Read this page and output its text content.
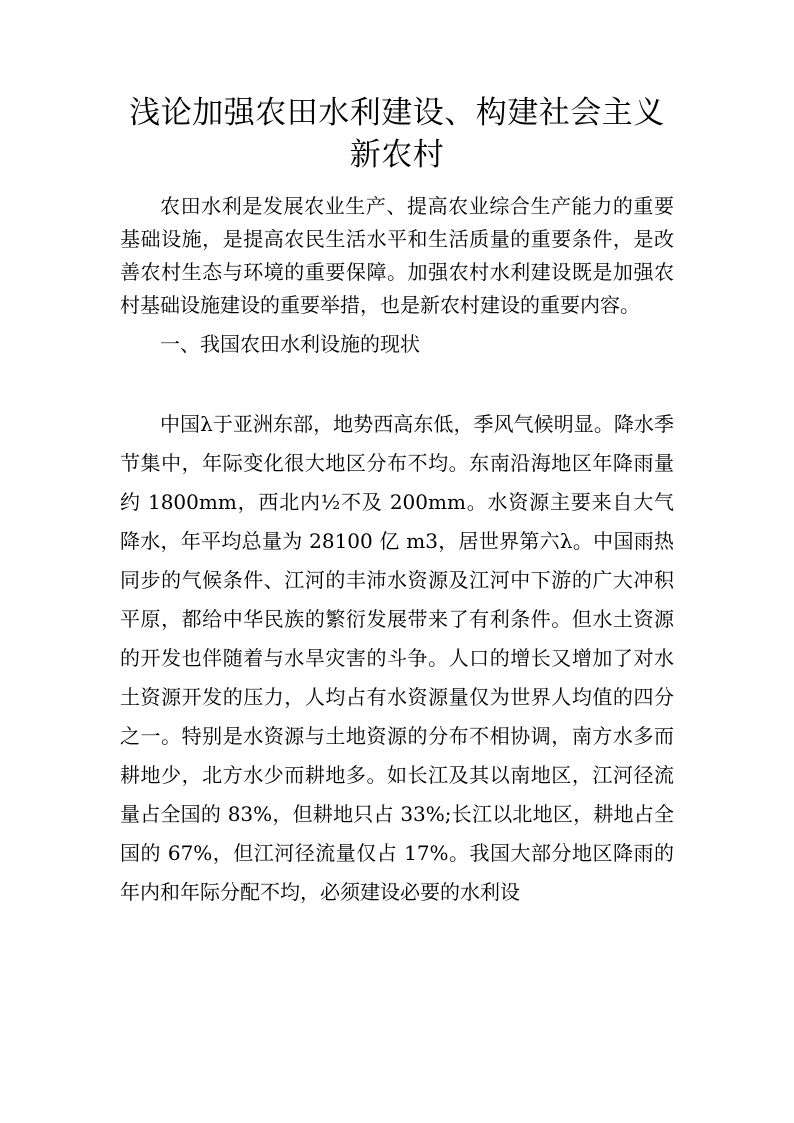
浅论加强农田水利建设、构建社会主义新农村

农田水利是发展农业生产、提高农业综合生产能力的重要基础设施，是提高农民生活水平和生活质量的重要条件，是改善农村生态与环境的重要保障。加强农村水利建设既是加强农村基础设施建设的重要举措，也是新农村建设的重要内容。

一、我国农田水利设施的现状

中国λ于亚洲东部，地势西高东低，季风气候明显。降水季节集中，年际变化很大地区分布不均。东南沿海地区年降雨量约 1800mm，西北内½不及 200mm。水资源主要来自大气降水，年平均总量为 28100 亿 m3，居世界第六λ。中国雨热同步的气候条件、江河的丰沛水资源及江河中下游的广大冲积平原，都给中华民族的繁衍发展带来了有利条件。但水土资源的开发也伴随着与水旱灾害的斗争。人口的增长又增加了对水土资源开发的压力，人均占有水资源量仅为世界人均值的四分之一。特别是水资源与土地资源的分布不相协调，南方水多而耕地少，北方水少而耕地多。如长江及其以南地区，江河径流量占全国的 83%，但耕地只占 33%;长江以北地区，耕地占全国的 67%，但江河径流量仅占 17%。我国大部分地区降雨的年内和年际分配不均，必须建设必要的水利设
